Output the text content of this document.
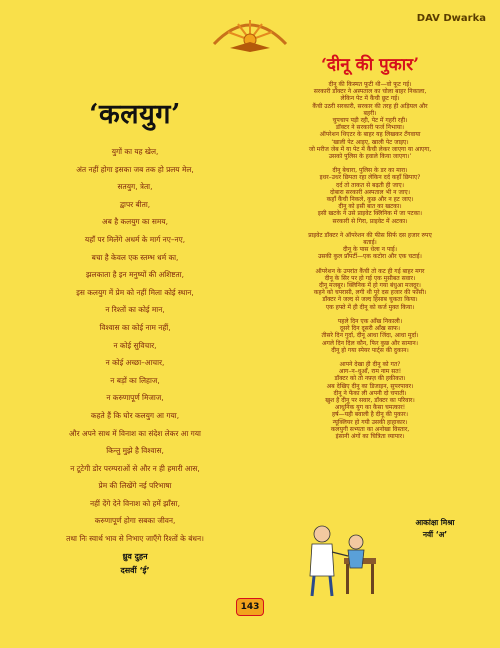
DAV Dwarka
‘कलयुग’
युगों का यह खेल,
अंत नहीं होगा इसका जब तक हो प्रलय मेल,
सतयुग, त्रेता,
द्वापर बीता,
अब है कलयुग का समय,
यहाँ पर मिलेंगे अधर्म के मार्ग नए–नए,
बचा है केवल एक स्तम्भ धर्म का,
झलकाता है इन मनुष्यों की अशिष्टता,
इस कलयुग में प्रेम को नहीं मिला कोई स्थान,
न रिश्तों का कोई मान,
विश्वास का कोई नाम नहीं,
न कोई सुविचार,
न कोई अच्छा–आचार,
न बड़ों का लिहाज,
न करुणापूर्ण मिजाज,
कहते हैं कि घोर कलयुग आ गया,
और अपने साथ में विनाश का संदेश लेकर आ गया
किन्तु मुझे है विश्वास,
न टूटेगी डोर परम्पराओं से और न ही हमारी आस,
प्रेम की लिखेंगे नई परिभाषा
नहीं देंगे देने विनाश को हमें झाँसा,
करुणापूर्ण होगा सबका जीवन,
तथा निः स्वार्थ भाव से निभाए जाएँगे रिश्तों के बंधन।
ध्रुव दुहन
दसवीं ‘ई’
‘दीनू की पुकार’
दीनू की किस्मत फूटी थी—वो फूट गई।
सरकारी डॉक्टर ने अस्पताल का चोला बाहर निकाला,
लेकिन पेट में कैंची छूट गई।
कैंची उठरी सरकारी, सरकार की तरह ही अड़ियल और
बहरी।
चुपचाप पड़ी रही, पेट में गहरी रही।
डॉक्टर ने सरकारी फर्ज निभाया।
ऑपरेशन थिएटर के बाहर यह लिखकर टँगवाया
‘खाली पेट आइए, खाली पेट जाइए।
जो मरीज जेब में या पेट में कैंची लेकर जाएगा या आएगा,
उसको पुलिस के हवाले किया जाएगा।’
दीनू बेचारा, पुलिस के डर का मारा।
इधर–उधर छिपता रहा लेकिन दर्द कहाँ छिपाए?
दर्द तो ताकत से बढ़ती ही जाए।
दोबारा सरकारी अस्पताल भी न जाए।
कहाँ कैंची निकले, कुछ और न हट जाए।
दीनू को इसी बात का खटका।
इसी खटके ने उसे प्राइवेट क्लिनिक में जा पटका।
सरकारी से गिरा, प्राइवेट में अटका।
प्राइवेट डॉक्टर ने ऑपरेशन की फीस सिर्फ दस हजार रुपए
बताई।
दीनू के पास धेला न पाई।
उसकी कुल प्रॉपर्टी—एक कटोरा और एक चटाई।
ऑपरेशन के उपरांत कैंची तो कट ही गई बाहर मगर
दीनू के सिर पर हो गई एक मुसीबत सवार।
दीनू मजबूर। क्लिनिक में हो गया बंधुआ मजदूर।
कहने को चपरासी, लगी थी पूरे दस हजार की फाँसी।
डॉक्टर ने जल्द से जल्द हिसाब चुकता किया।
एक हफ्ते में ही दीनू को कर्ज मुक्त किया।
पहले दिन एक आँख निकाली।
दूसरे दिन दूसरी आँख साफ।
तीसरे दिन गुर्दा, दीनू आधा जिंदा, आधा मुर्दा।
अगले दिन दिल कौन, फिर कुछ और सामान।
दीनू हो गया स्पेयर पार्ट्स की दुकान।
आपने देखा ही दीनू को गत?
आग–न–धुआँ, राम नाम सत!
डॉक्टर को तो नफ़्ज़ की हकीकत।
अब देखिए दीनू का डिजाइन, सुपरपावर।
दीनू ने फेंका ली अपनी दो चपाती।
खुश है दीनू पर सवार, डॉक्टर का परिवार।
आधुनिक युग का कैसा चमत्कार!
हर्ष—यही बवाली है दीनू की पुकार।
न्यूक्लियर हो गयी उसकी हाहाकार।
कलयुगी सभ्यता का अनोखा विस्तार,
इंसानी अंगों का चित्रिता व्यापार।
आकांक्षा मिश्रा
नवीं ‘अ’
143
